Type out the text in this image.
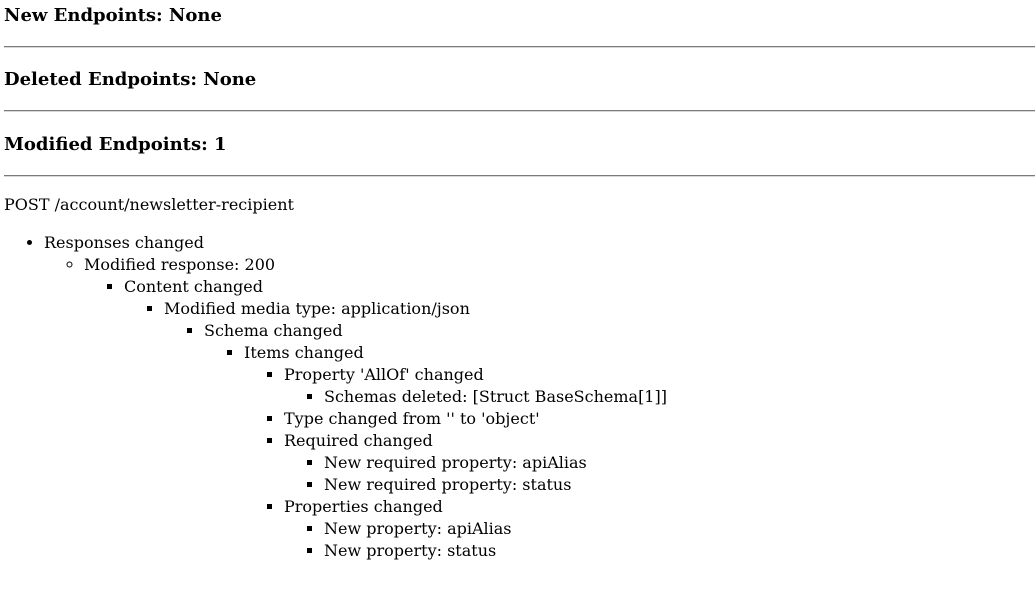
New Endpoints: None
Deleted Endpoints: None
Modified Endpoints: 1

POST /account/newsletter-recipient

• Responses changed
◦ Modified response: 200
▪ Content changed
▪ Modified media type: application/json
▪ Schema changed
▪ Items changed
▪ Property 'AllOf' changed
▪ Schemas deleted: [Struct BaseSchema[1]]
▪ Type changed from '' to 'object'
▪ Required changed
▪ New required property: apiAlias
▪ New required property: status
▪ Properties changed
▪ New property: apiAlias
▪ New property: status
